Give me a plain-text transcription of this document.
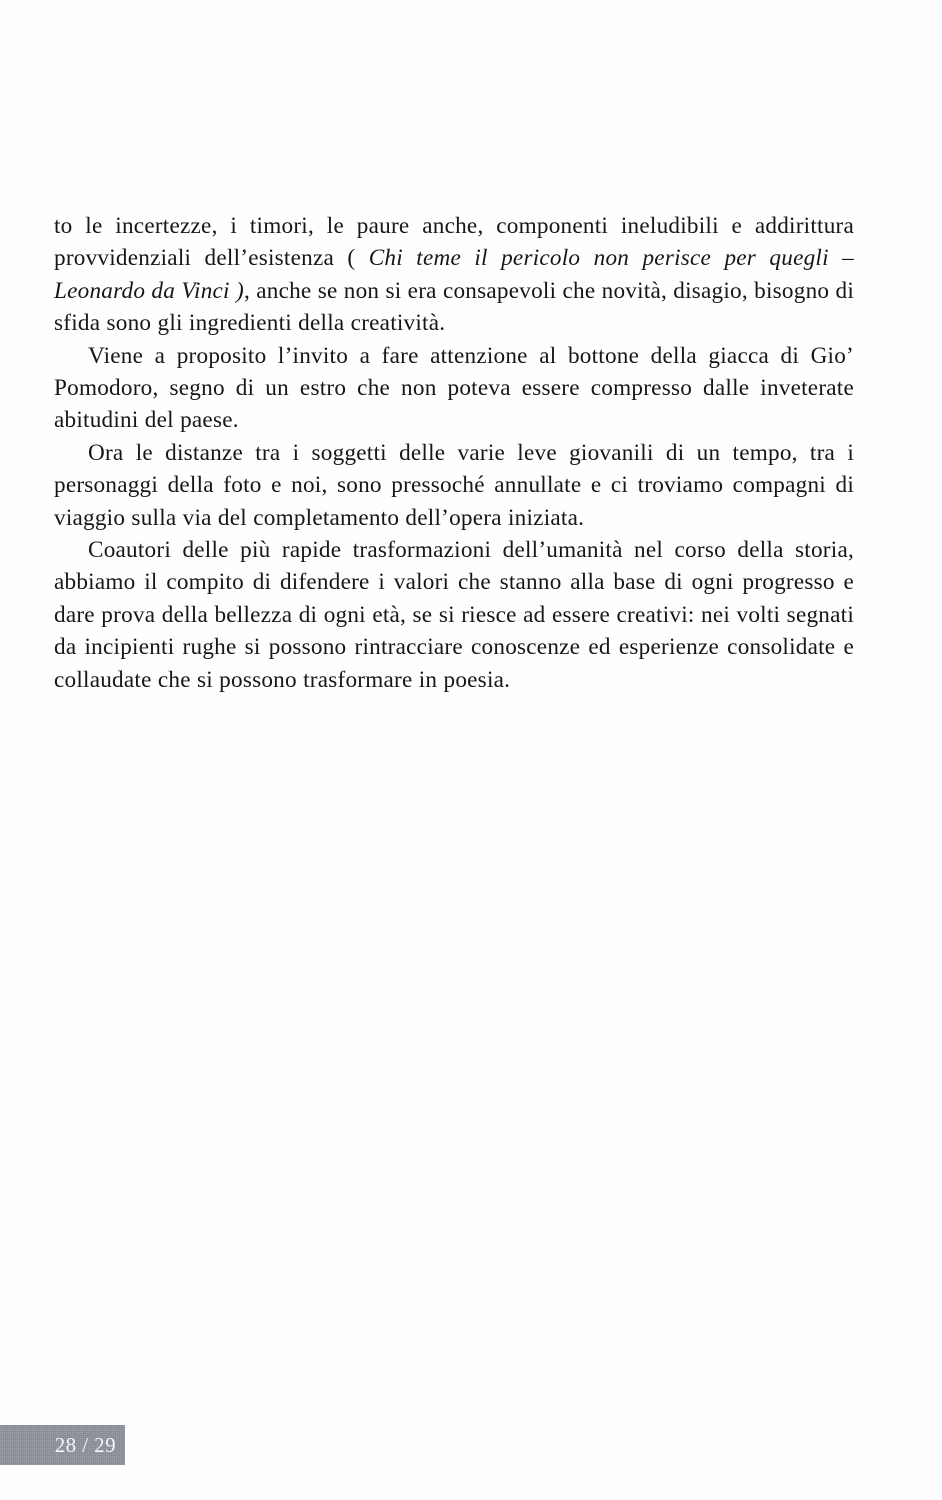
to le incertezze, i timori, le paure anche, componenti ineludibili e addirittura provvidenziali dell’esistenza ( Chi teme il pericolo non perisce per quegli – Leonardo da Vinci ), anche se non si era consapevoli che novità, disagio, bisogno di sfida sono gli ingredienti della creatività.

Viene a proposito l’invito a fare attenzione al bottone della giacca di Gio’ Pomodoro, segno di un estro che non poteva essere compresso dalle inveterate abitudini del paese.

Ora le distanze tra i soggetti delle varie leve giovanili di un tempo, tra i personaggi della foto e noi, sono pressoché annullate e ci troviamo compagni di viaggio sulla via del completamento dell’opera iniziata.

Coautori delle più rapide trasformazioni dell’umanità nel corso della storia, abbiamo il compito di difendere i valori che stanno alla base di ogni progresso e dare prova della bellezza di ogni età, se si riesce ad essere creativi: nei volti segnati da incipienti rughe si possono rintracciare conoscenze ed esperienze consolidate e collaudate che si possono trasformare in poesia.

28 / 29
